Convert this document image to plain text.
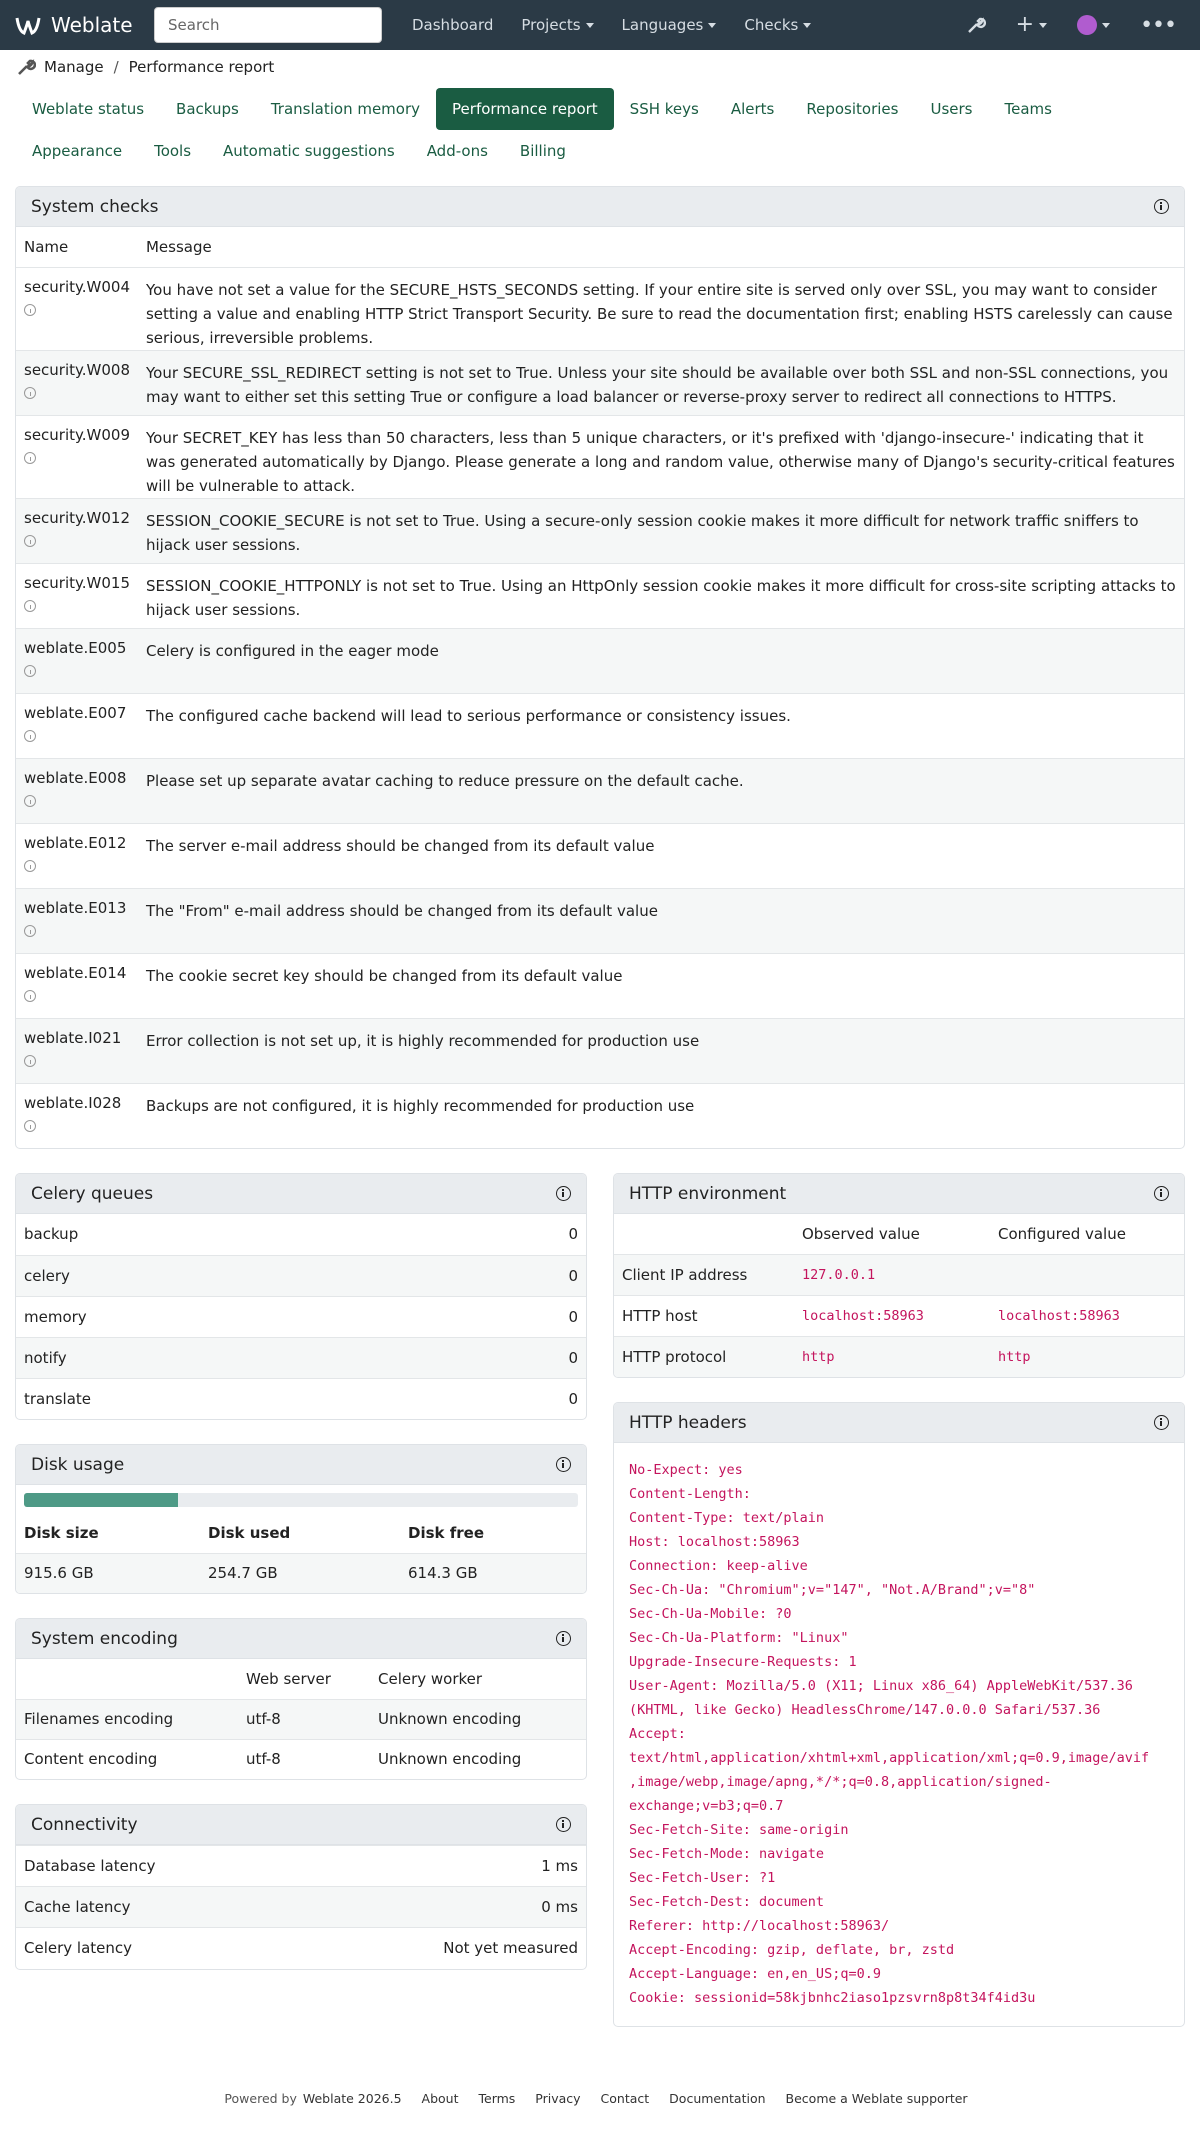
Weblate
Search	Dashboard	Projects	Languages	Checks	+	•••
Manage / Performance report
Weblate status	Backups	Translation memory	Performance report	SSH keys	Alerts	Repositories	Users	Teams
Appearance	Tools	Automatic suggestions	Add-ons	Billing
System checks
Name	Message

security.W004	You have not set a value for the SECURE_HSTS_SECONDS setting. If your entire site is served only over SSL, you may want to consider setting a value and enabling HTTP Strict Transport Security. Be sure to read the documentation first; enabling HSTS carelessly can cause serious, irreversible problems.

security.W008	Your SECURE_SSL_REDIRECT setting is not set to True. Unless your site should be available over both SSL and non-SSL connections, you may want to either set this setting True or configure a load balancer or reverse-proxy server to redirect all connections to HTTPS.

security.W009	Your SECRET_KEY has less than 50 characters, less than 5 unique characters, or it's prefixed with 'django-insecure-' indicating that it was generated automatically by Django. Please generate a long and random value, otherwise many of Django's security-critical features will be vulnerable to attack.

security.W012	SESSION_COOKIE_SECURE is not set to True. Using a secure-only session cookie makes it more difficult for network traffic sniffers to hijack user sessions.

security.W015	SESSION_COOKIE_HTTPONLY is not set to True. Using an HttpOnly session cookie makes it more difficult for cross-site scripting attacks to hijack user sessions.

weblate.E005	Celery is configured in the eager mode

weblate.E007	The configured cache backend will lead to serious performance or consistency issues.

weblate.E008	Please set up separate avatar caching to reduce pressure on the default cache.

weblate.E012	The server e-mail address should be changed from its default value

weblate.E013	The "From" e-mail address should be changed from its default value

weblate.E014	The cookie secret key should be changed from its default value

weblate.I021	Error collection is not set up, it is highly recommended for production use

weblate.I028	Backups are not configured, it is highly recommended for production use
Celery queues
backup	0
celery	0
memory	0
notify	0
translate	0
Disk usage
Disk size	Disk used	Disk free
915.6 GB	254.7 GB	614.3 GB
System encoding
	Web server	Celery worker
Filenames encoding	utf-8	Unknown encoding
Content encoding	utf-8	Unknown encoding
Connectivity
Database latency	1 ms
Cache latency	0 ms
Celery latency	Not yet measured
HTTP environment
	Observed value	Configured value
Client IP address	127.0.0.1	
HTTP host	localhost:58963	localhost:58963
HTTP protocol	http	http
HTTP headers
No-Expect: yes
Content-Length:
Content-Type: text/plain
Host: localhost:58963
Connection: keep-alive
Sec-Ch-Ua: "Chromium";v="147", "Not.A/Brand";v="8"
Sec-Ch-Ua-Mobile: ?0
Sec-Ch-Ua-Platform: "Linux"
Upgrade-Insecure-Requests: 1
User-Agent: Mozilla/5.0 (X11; Linux x86_64) AppleWebKit/537.36
(KHTML, like Gecko) HeadlessChrome/147.0.0.0 Safari/537.36
Accept:
text/html,application/xhtml+xml,application/xml;q=0.9,image/avif
,image/webp,image/apng,*/*;q=0.8,application/signed-
exchange;v=b3;q=0.7
Sec-Fetch-Site: same-origin
Sec-Fetch-Mode: navigate
Sec-Fetch-User: ?1
Sec-Fetch-Dest: document
Referer: http://localhost:58963/
Accept-Encoding: gzip, deflate, br, zstd
Accept-Language: en,en_US;q=0.9
Cookie: sessionid=58kjbnhc2iaso1pzsvrn8p8t34f4id3u
Powered by Weblate 2026.5 About Terms Privacy Contact Documentation Become a Weblate supporter
